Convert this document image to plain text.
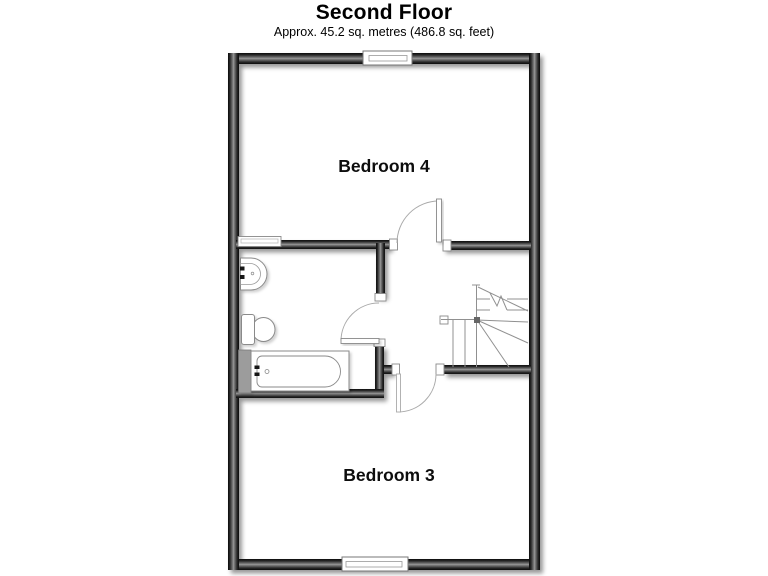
Second Floor
Approx. 45.2 sq. metres (486.8 sq. feet)
Bedroom 4
Bedroom 3
